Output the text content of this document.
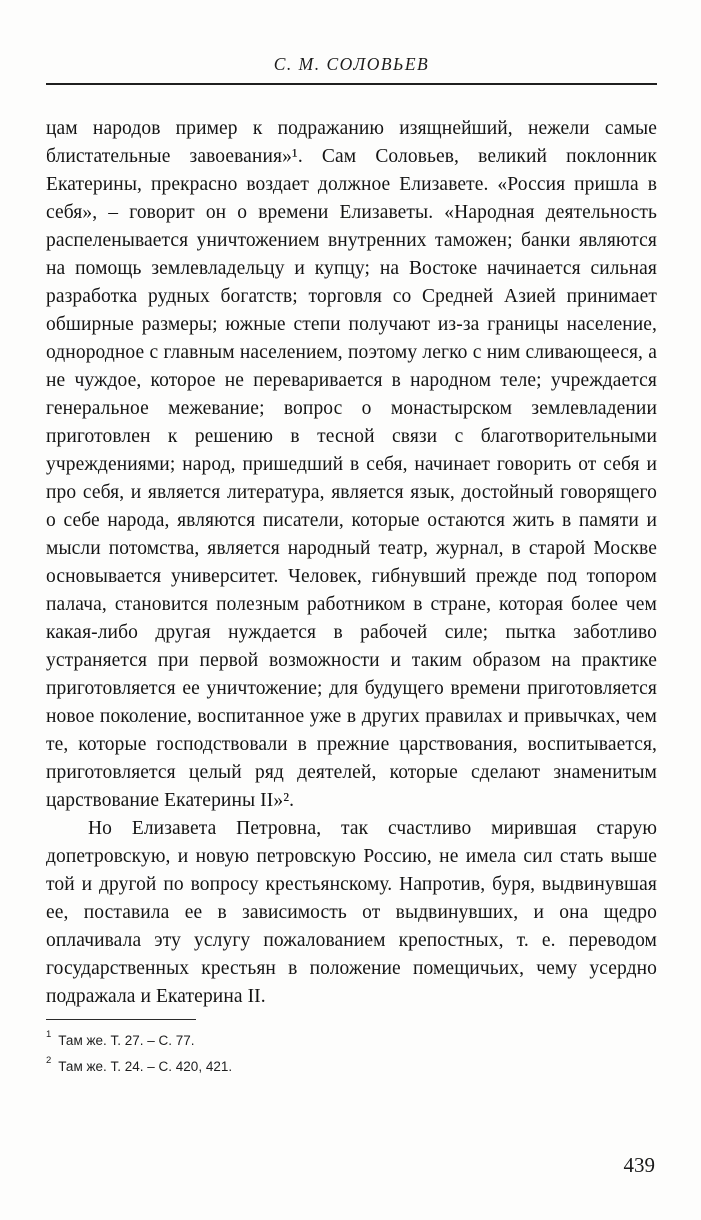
С. М. СОЛОВЬЕВ

цам народов пример к подражанию изящнейший, нежели самые блистательные завоевания»¹. Сам Соловьев, великий поклонник Екатерины, прекрасно воздает должное Елизавете. «Россия пришла в себя», – говорит он о времени Елизаветы. «Народная деятельность распеленывается уничтожением внутренних таможен; банки являются на помощь землевладельцу и купцу; на Востоке начинается сильная разработка рудных богатств; торговля со Средней Азией принимает обширные размеры; южные степи получают из-за границы население, однородное с главным населением, поэтому легко с ним сливающееся, а не чуждое, которое не переваривается в народном теле; учреждается генеральное межевание; вопрос о монастырском землевладении приготовлен к решению в тесной связи с благотворительными учреждениями; народ, пришедший в себя, начинает говорить от себя и про себя, и является литература, является язык, достойный говорящего о себе народа, являются писатели, которые остаются жить в памяти и мысли потомства, является народный театр, журнал, в старой Москве основывается университет. Человек, гибнувший прежде под топором палача, становится полезным работником в стране, которая более чем какая-либо другая нуждается в рабочей силе; пытка заботливо устраняется при первой возможности и таким образом на практике приготовляется ее уничтожение; для будущего времени приготовляется новое поколение, воспитанное уже в других правилах и привычках, чем те, которые господствовали в прежние царствования, воспитывается, приготовляется целый ряд деятелей, которые сделают знаменитым царствование Екатерины II»².

Но Елизавета Петровна, так счастливо мирившая старую допетровскую, и новую петровскую Россию, не имела сил стать выше той и другой по вопросу крестьянскому. Напротив, буря, выдвинувшая ее, поставила ее в зависимость от выдвинувших, и она щедро оплачивала эту услугу пожалованием крепостных, т. е. переводом государственных крестьян в положение помещичьих, чему усердно подражала и Екатерина II.

$^1$ Там же. Т. 27. – С. 77.
$^2$ Там же. Т. 24. – С. 420, 421.
439
